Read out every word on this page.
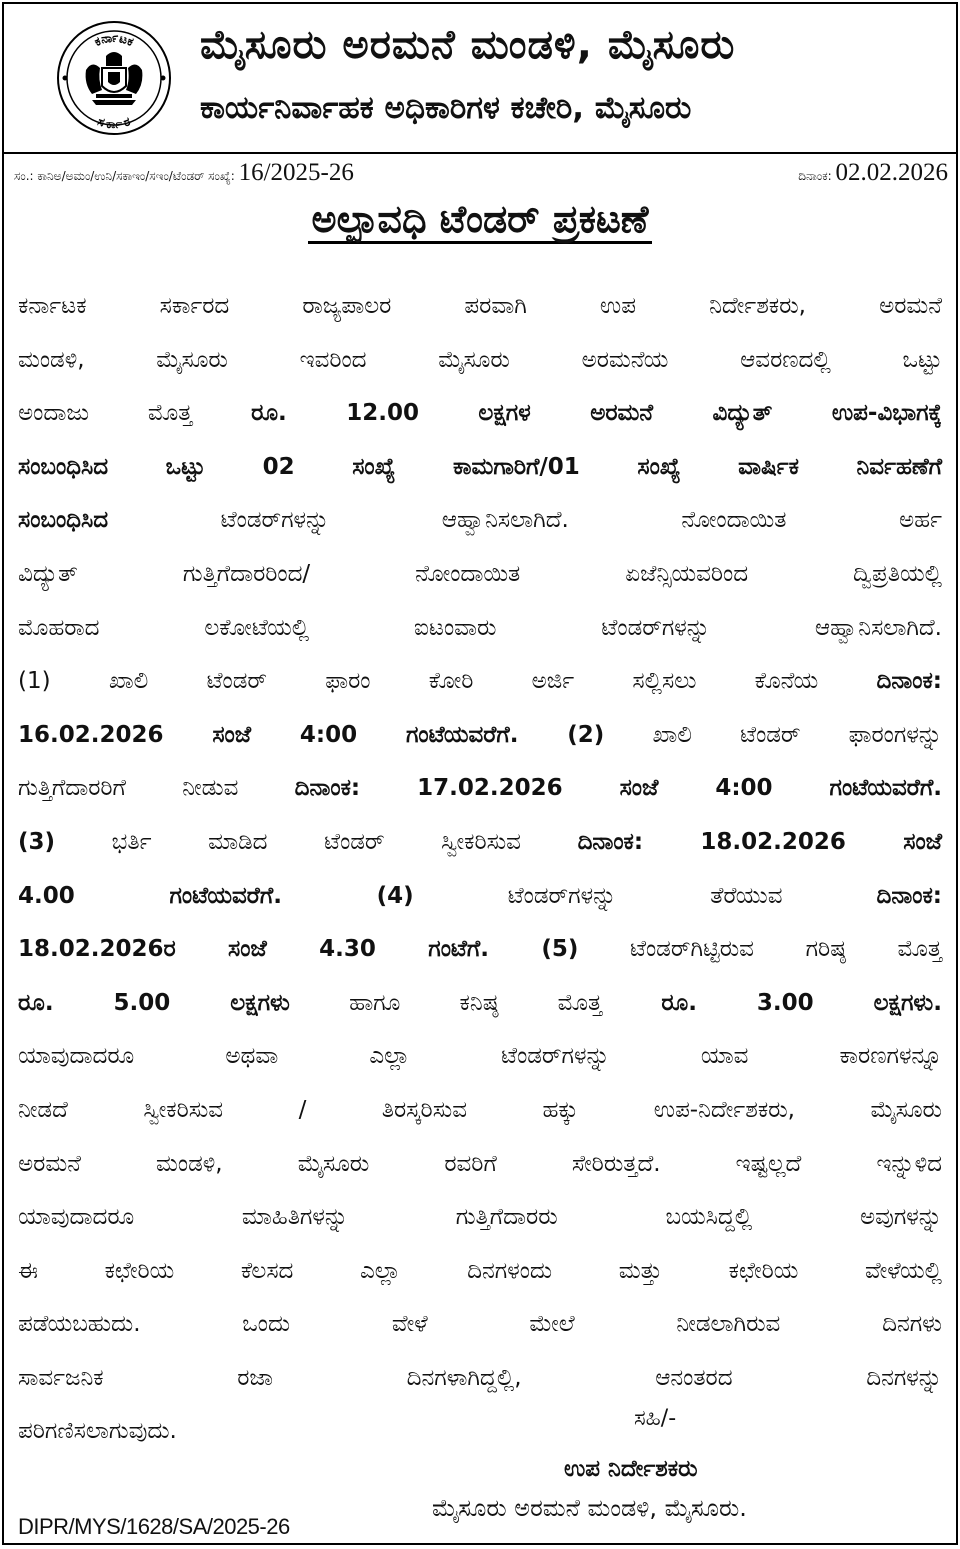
ಕರ್ನಾಟಕ
ಸರ್ಕಾರ
ಮೈಸೂರು ಅರಮನೆ ಮಂಡಳಿ, ಮೈಸೂರು
ಕಾರ್ಯನಿರ್ವಾಹಕ ಅಧಿಕಾರಿಗಳ ಕಚೇರಿ, ಮೈಸೂರು
ಸಂ.: ಕಾನಿಅ/ಅಮಂ/ಉನಿ/ಸಕಾಇಂ/ಸಇಂ/ಟೆಂಡರ್ ಸಂಖ್ಯೆ: 16/2025-26	ದಿನಾಂಕ: 02.02.2026
ಅಲ್ಪಾವಧಿ ಟೆಂಡರ್ ಪ್ರಕಟಣೆ

ಕರ್ನಾಟಕ ಸರ್ಕಾರದ ರಾಜ್ಯಪಾಲರ ಪರವಾಗಿ ಉಪ ನಿರ್ದೇಶಕರು, ಅರಮನೆ

ಮಂಡಳಿ, ಮೈಸೂರು ಇವರಿಂದ ಮೈಸೂರು ಅರಮನೆಯ ಆವರಣದಲ್ಲಿ ಒಟ್ಟು

ಅಂದಾಜು ಮೊತ್ತ	ರೂ. 12.00 ಲಕ್ಷಗಳ ಅರಮನೆ ವಿದ್ಯುತ್ ಉಪ-ವಿಭಾಗಕ್ಕೆ

ಸಂಬಂಧಿಸಿದ ಒಟ್ಟು 02 ಸಂಖ್ಯೆ ಕಾಮಗಾರಿಗೆ/01 ಸಂಖ್ಯೆ ವಾರ್ಷಿಕ ನಿರ್ವಹಣೆಗೆ

ಸಂಬಂಧಿಸಿದ	ಟೆಂಡರ್‌ಗಳನ್ನು ಆಹ್ವಾನಿಸಲಾಗಿದೆ. ನೋಂದಾಯಿತ ಅರ್ಹ

ವಿದ್ಯುತ್ ಗುತ್ತಿಗೆದಾರರಿಂದ/ ನೋಂದಾಯಿತ ಏಜೆನ್ಸಿಯವರಿಂದ ದ್ವಿಪ್ರತಿಯಲ್ಲಿ

ಮೊಹರಾದ ಲಕೋಟೆಯಲ್ಲಿ ಐಟಂವಾರು ಟೆಂಡರ್‌ಗಳನ್ನು ಆಹ್ವಾನಿಸಲಾಗಿದೆ.

(1) ಖಾಲಿ ಟೆಂಡರ್ ಫಾರಂ ಕೋರಿ ಅರ್ಜಿ ಸಲ್ಲಿಸಲು ಕೊನೆಯ	ದಿನಾಂಕ:

16.02.2026 ಸಂಜೆ 4:00 ಗಂಟೆಯವರೆಗೆ. (2) ಖಾಲಿ ಟೆಂಡರ್ ಫಾರಂಗಳನ್ನು

ಗುತ್ತಿಗೆದಾರರಿಗೆ ನೀಡುವ ದಿನಾಂಕ: 17.02.2026 ಸಂಜೆ 4:00 ಗಂಟೆಯವರೆಗೆ.

(3) ಭರ್ತಿ ಮಾಡಿದ ಟೆಂಡರ್ ಸ್ವೀಕರಿಸುವ ದಿನಾಂಕ: 18.02.2026 ಸಂಜೆ

4.00 ಗಂಟೆಯವರೆಗೆ. (4)	ಟೆಂಡರ್‌ಗಳನ್ನು ತೆರೆಯುವ	ದಿನಾಂಕ:

18.02.2026ರ ಸಂಜೆ 4.30 ಗಂಟೆಗೆ. (5) ಟೆಂಡರ್‌ಗಿಟ್ಟಿರುವ ಗರಿಷ್ಠ ಮೊತ್ತ

ರೂ. 5.00 ಲಕ್ಷಗಳು	ಹಾಗೂ ಕನಿಷ್ಠ ಮೊತ್ತ	ರೂ. 3.00 ಲಕ್ಷಗಳು.

ಯಾವುದಾದರೂ ಅಥವಾ ಎಲ್ಲಾ ಟೆಂಡರ್‌ಗಳನ್ನು ಯಾವ ಕಾರಣಗಳನ್ನೂ

ನೀಡದೆ ಸ್ವೀಕರಿಸುವ / ತಿರಸ್ಕರಿಸುವ ಹಕ್ಕು ಉಪ-ನಿರ್ದೇಶಕರು, ಮೈಸೂರು

ಅರಮನೆ ಮಂಡಳಿ, ಮೈಸೂರು ರವರಿಗೆ ಸೇರಿರುತ್ತದೆ. ಇಷ್ಟಲ್ಲದೆ ಇನ್ನುಳಿದ

ಯಾವುದಾದರೂ ಮಾಹಿತಿಗಳನ್ನು ಗುತ್ತಿಗೆದಾರರು ಬಯಸಿದ್ದಲ್ಲಿ ಅವುಗಳನ್ನು

ಈ ಕಛೇರಿಯ ಕೆಲಸದ ಎಲ್ಲಾ ದಿನಗಳಂದು ಮತ್ತು ಕಛೇರಿಯ ವೇಳೆಯಲ್ಲಿ

ಪಡೆಯಬಹುದು. ಒಂದು ವೇಳೆ ಮೇಲೆ ನೀಡಲಾಗಿರುವ ದಿನಗಳು

ಸಾರ್ವಜನಿಕ ರಜಾ ದಿನಗಳಾಗಿದ್ದಲ್ಲಿ, ಆನಂತರದ ದಿನಗಳನ್ನು

ಪರಿಗಣಿಸಲಾಗುವುದು.	ಸಹಿ/-
ಉಪ ನಿರ್ದೇಶಕರು
ಮೈಸೂರು ಅರಮನೆ ಮಂಡಳಿ, ಮೈಸೂರು.
DIPR/MYS/1628/SA/2025-26
